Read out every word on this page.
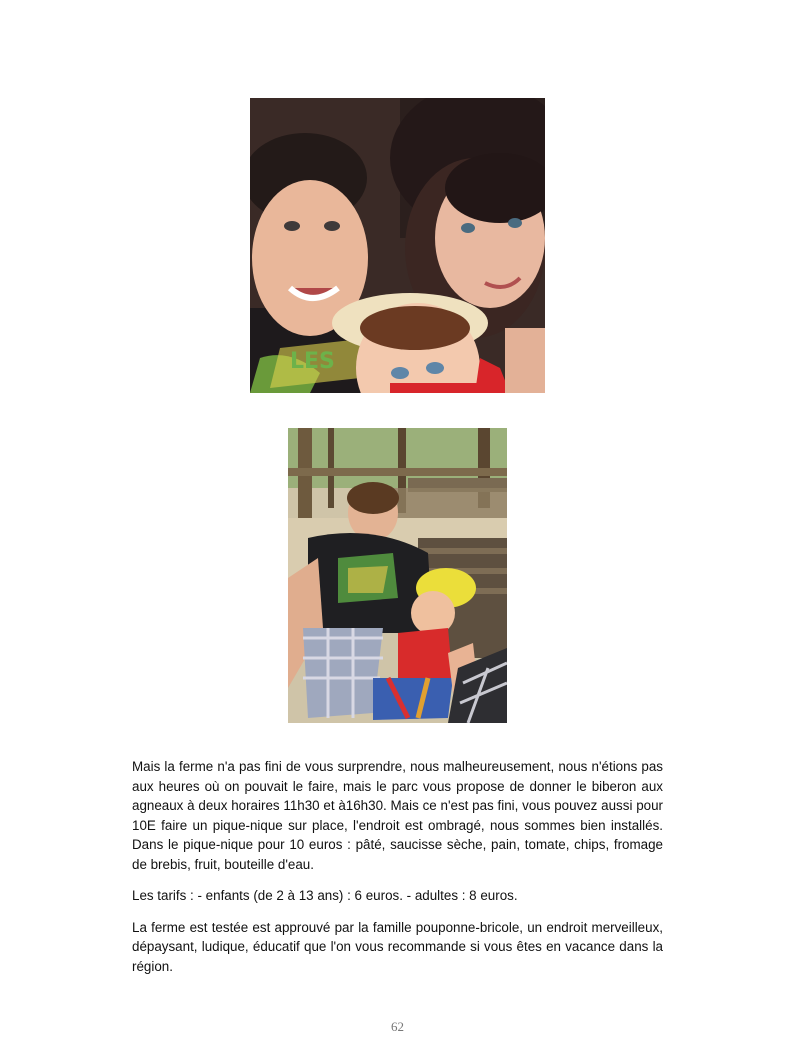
LES

Mais la ferme n'a pas fini de vous surprendre, nous malheureusement, nous n'étions pas aux heures où on pouvait le faire, mais le parc vous propose de donner le biberon aux agneaux à deux horaires 11h30 et à16h30. Mais ce n'est pas fini, vous pouvez aussi pour 10E faire un pique-nique sur place, l'endroit est ombragé, nous sommes bien installés. Dans le pique-nique pour 10 euros : pâté, saucisse sèche, pain, tomate, chips, fromage de brebis, fruit, bouteille d'eau.

Les tarifs : - enfants (de 2 à 13 ans) : 6 euros. - adultes : 8 euros.

La ferme est testée est approuvé par la famille pouponne-bricole, un endroit merveilleux, dépaysant, ludique, éducatif que l'on vous recommande si vous êtes en vacance dans la région.

62
